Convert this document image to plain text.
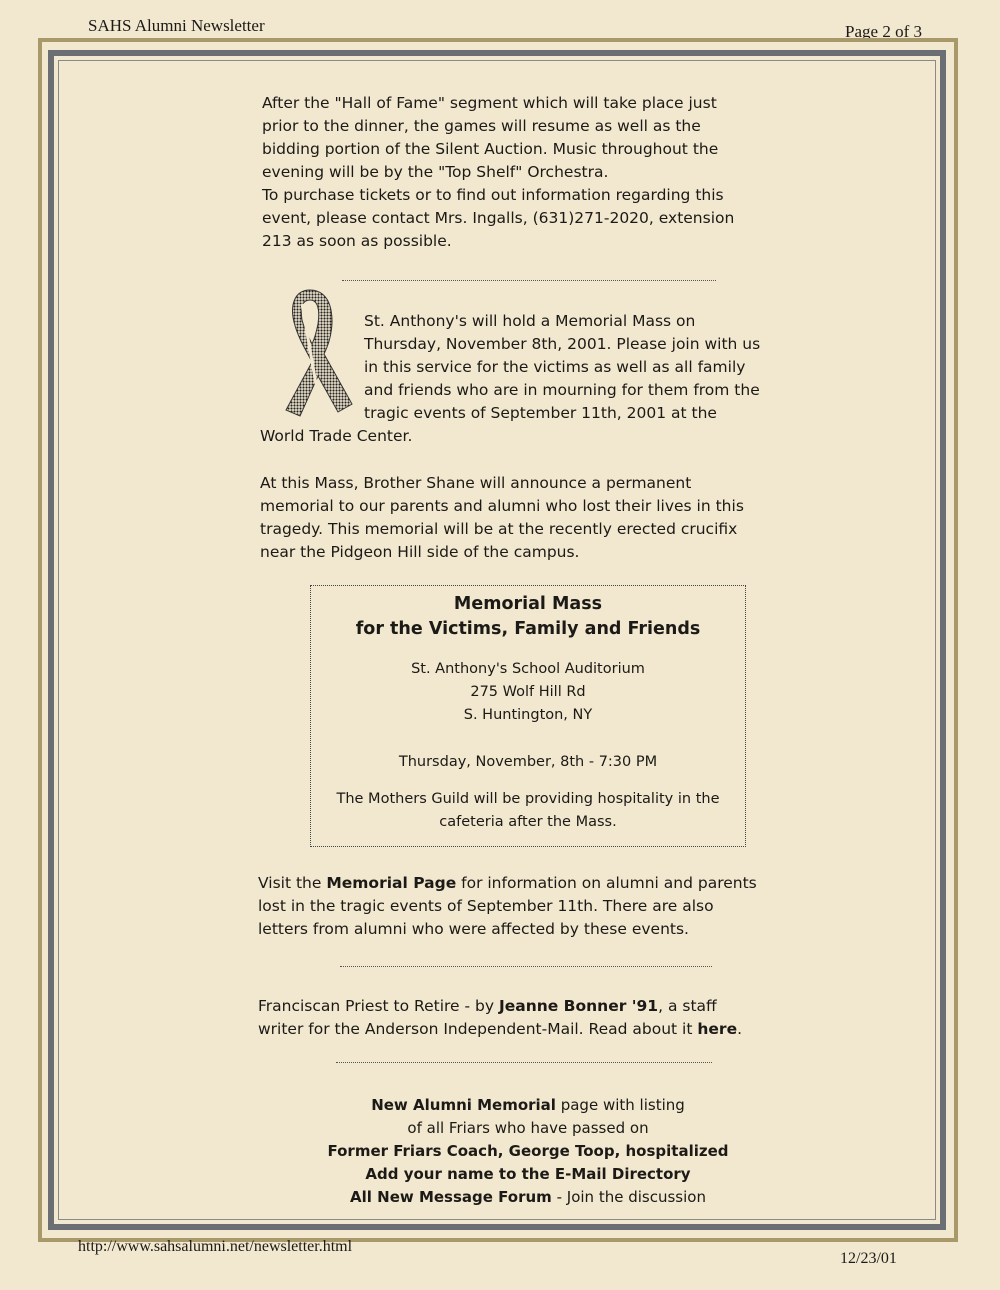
SAHS Alumni Newsletter	Page 2 of 3
After the "Hall of Fame" segment which will take place just
prior to the dinner, the games will resume as well as the
bidding portion of the Silent Auction. Music throughout the
evening will be by the "Top Shelf" Orchestra.
To purchase tickets or to find out information regarding this
event, please contact Mrs. Ingalls, (631)271-2020, extension
213 as soon as possible.
St. Anthony's will hold a Memorial Mass on
Thursday, November 8th, 2001. Please join with us
in this service for the victims as well as all family
and friends who are in mourning for them from the
tragic events of September 11th, 2001 at the
World Trade Center.
At this Mass, Brother Shane will announce a permanent
memorial to our parents and alumni who lost their lives in this
tragedy. This memorial will be at the recently erected crucifix
near the Pidgeon Hill side of the campus.
Memorial Mass
for the Victims, Family and Friends
St. Anthony's School Auditorium
275 Wolf Hill Rd
S. Huntington, NY
Thursday, November, 8th - 7:30 PM
The Mothers Guild will be providing hospitality in the
cafeteria after the Mass.
Visit the Memorial Page for information on alumni and parents
lost in the tragic events of September 11th. There are also
letters from alumni who were affected by these events.
Franciscan Priest to Retire - by Jeanne Bonner '91, a staff
writer for the Anderson Independent-Mail. Read about it here.
New Alumni Memorial page with listing
of all Friars who have passed on
Former Friars Coach, George Toop, hospitalized
Add your name to the E-Mail Directory
All New Message Forum - Join the discussion
http://www.sahsalumni.net/newsletter.html
12/23/01
